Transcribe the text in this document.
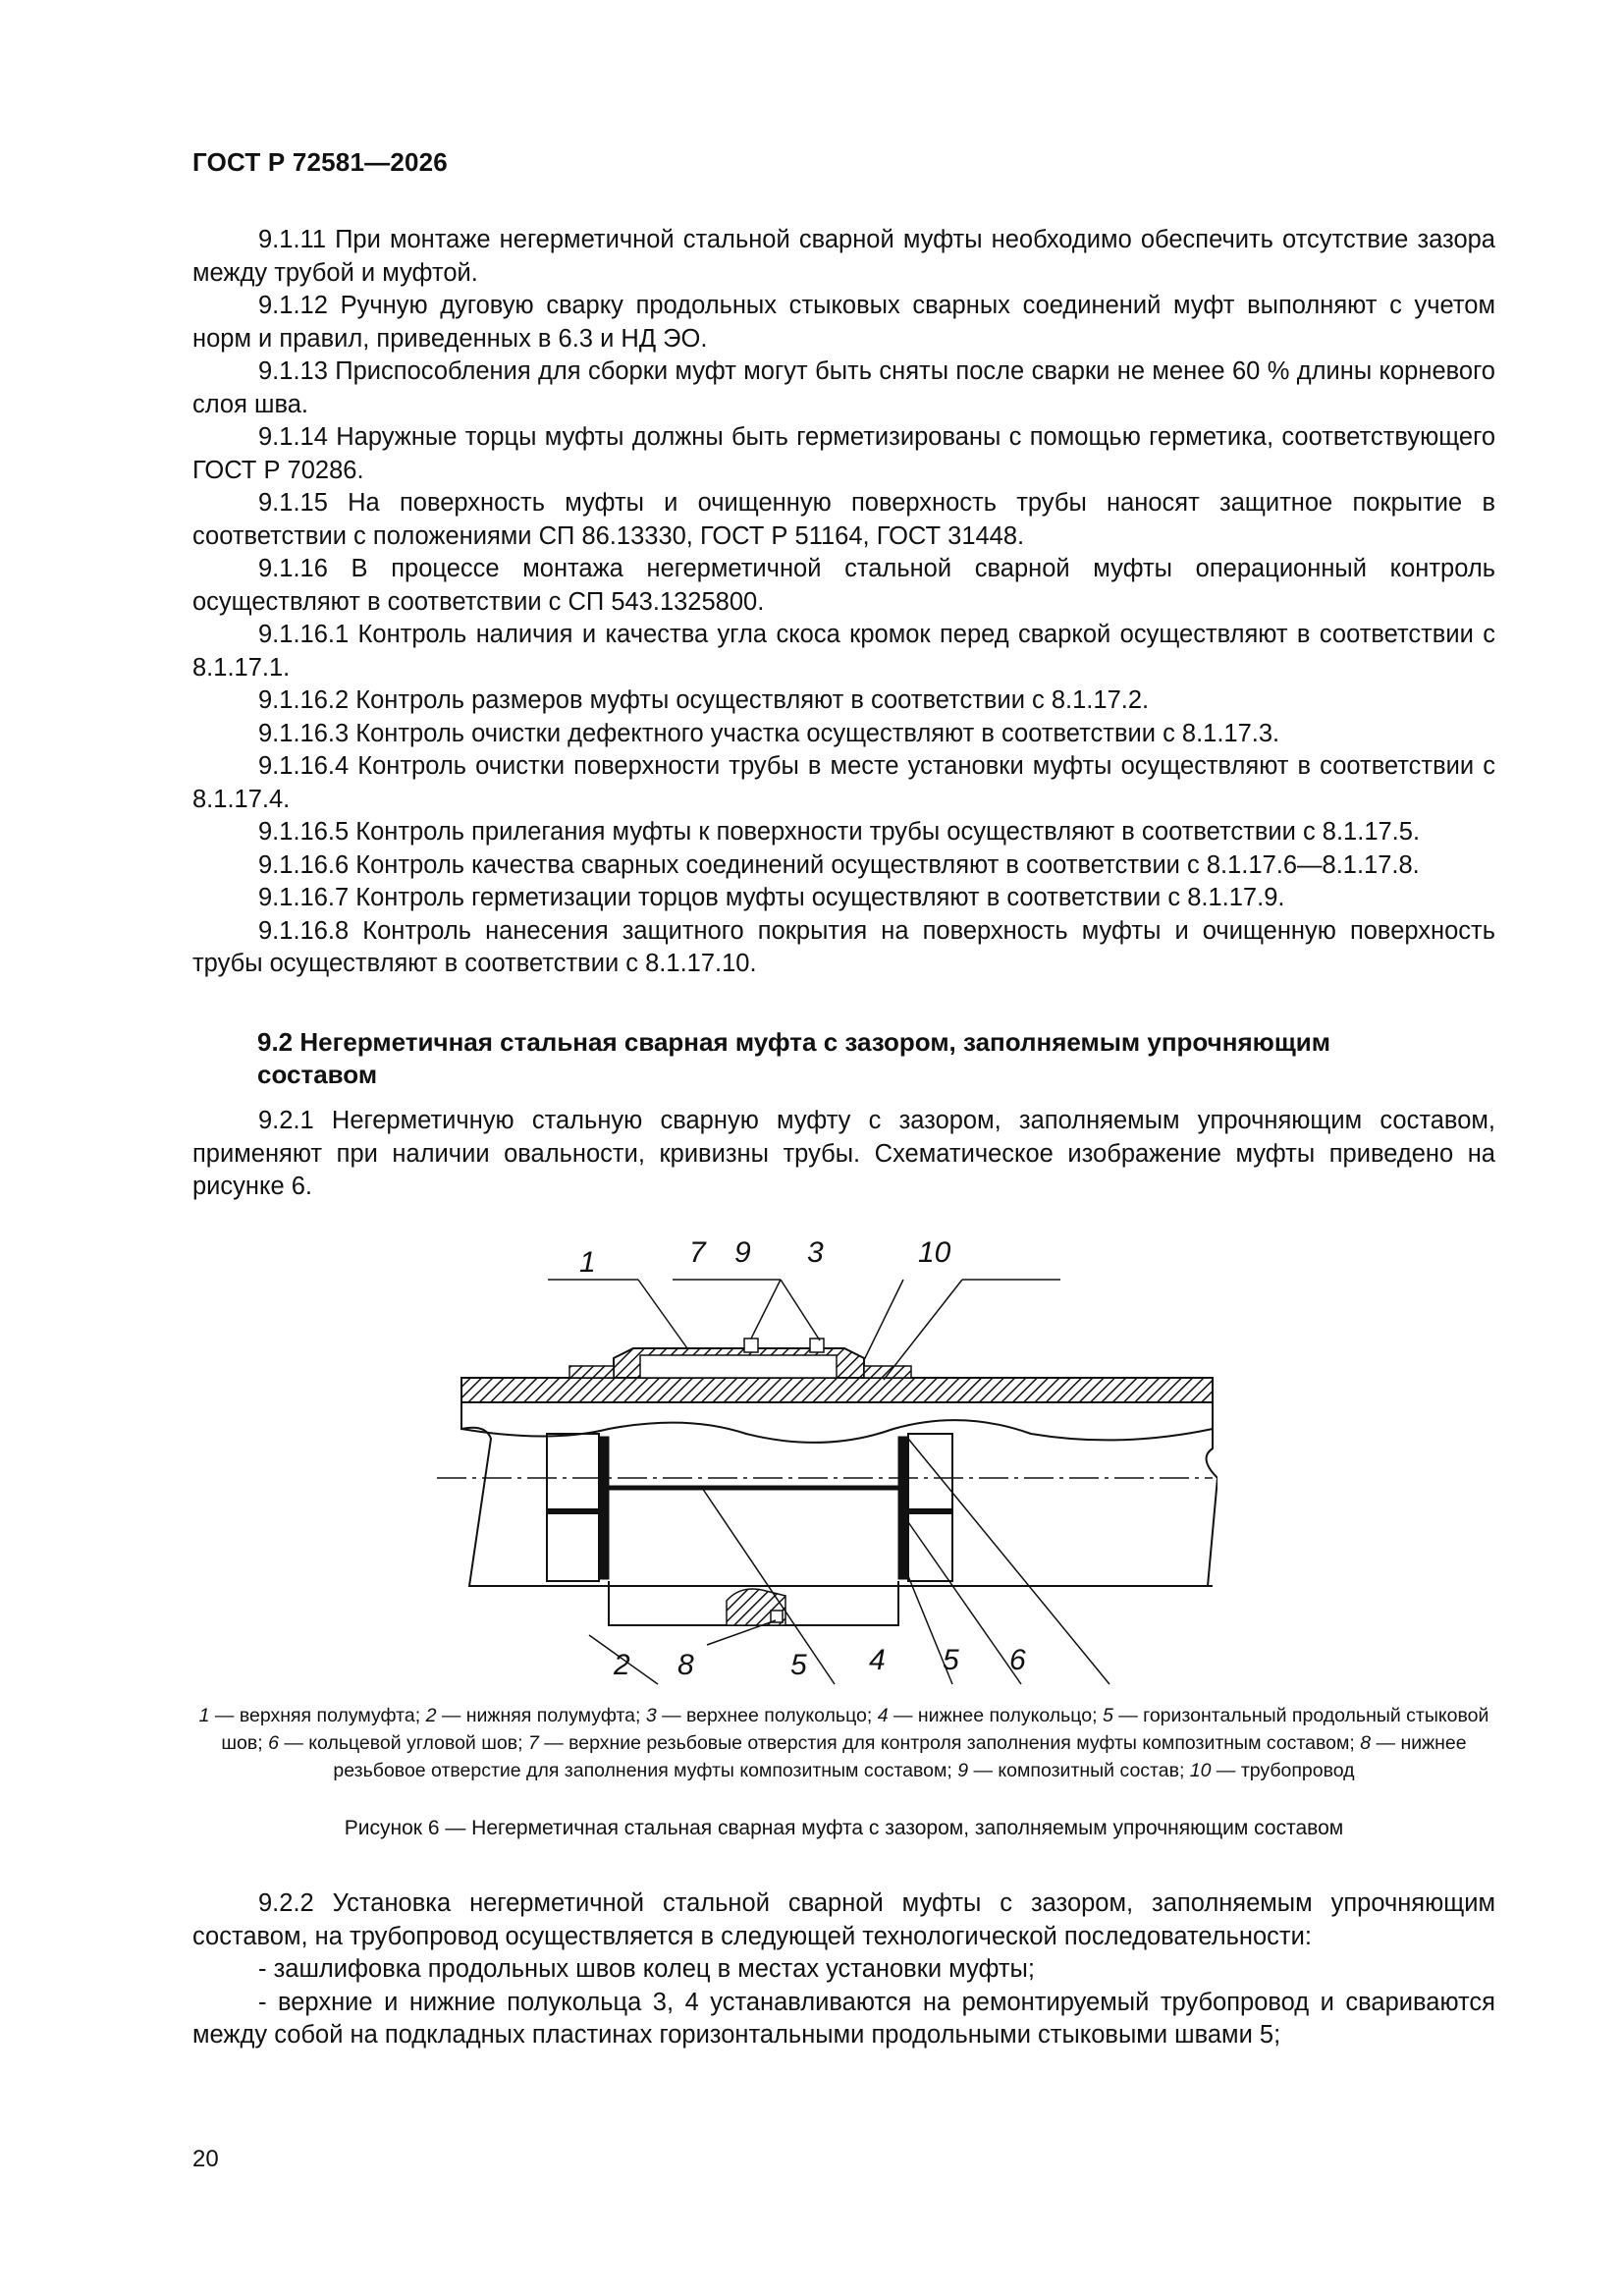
ГОСТ Р 72581—2026

9.1.11 При монтаже негерметичной стальной сварной муфты необходимо обеспечить отсутствие зазора между трубой и муфтой.

9.1.12 Ручную дуговую сварку продольных стыковых сварных соединений муфт выполняют с учетом норм и правил, приведенных в 6.3 и НД ЭО.

9.1.13 Приспособления для сборки муфт могут быть сняты после сварки не менее 60 % длины корневого слоя шва.

9.1.14 Наружные торцы муфты должны быть герметизированы с помощью герметика, соответствующего ГОСТ Р 70286.

9.1.15 На поверхность муфты и очищенную поверхность трубы наносят защитное покрытие в соответствии с положениями СП 86.13330, ГОСТ Р 51164, ГОСТ 31448.

9.1.16 В процессе монтажа негерметичной стальной сварной муфты операционный контроль осуществляют в соответствии с СП 543.1325800.

9.1.16.1 Контроль наличия и качества угла скоса кромок перед сваркой осуществляют в соответствии с 8.1.17.1.

9.1.16.2 Контроль размеров муфты осуществляют в соответствии с 8.1.17.2.

9.1.16.3 Контроль очистки дефектного участка осуществляют в соответствии с 8.1.17.3.

9.1.16.4 Контроль очистки поверхности трубы в месте установки муфты осуществляют в соответствии с 8.1.17.4.

9.1.16.5 Контроль прилегания муфты к поверхности трубы осуществляют в соответствии с 8.1.17.5.

9.1.16.6 Контроль качества сварных соединений осуществляют в соответствии с 8.1.17.6—8.1.17.8.

9.1.16.7 Контроль герметизации торцов муфты осуществляют в соответствии с 8.1.17.9.

9.1.16.8 Контроль нанесения защитного покрытия на поверхность муфты и очищенную поверхность трубы осуществляют в соответствии с 8.1.17.10.

9.2 Негерметичная стальная сварная муфта с зазором, заполняемым упрочняющим составом

9.2.1 Негерметичную стальную сварную муфту с зазором, заполняемым упрочняющим составом, применяют при наличии овальности, кривизны трубы. Схематическое изображение муфты приведено на рисунке 6.

1	7 9 3	10
2 8	5 4 5 6
1 — верхняя полумуфта; 2 — нижняя полумуфта; 3 — верхнее полукольцо; 4 — нижнее полукольцо; 5 — горизонтальный продольный стыковой шов; 6 — кольцевой угловой шов; 7 — верхние резьбовые отверстия для контроля заполнения муфты композитным составом; 8 — нижнее резьбовое отверстие для заполнения муфты композитным составом; 9 — композитный состав; 10 — трубопровод
Рисунок 6 — Негерметичная стальная сварная муфта с зазором, заполняемым упрочняющим составом

9.2.2 Установка негерметичной стальной сварной муфты с зазором, заполняемым упрочняющим составом, на трубопровод осуществляется в следующей технологической последовательности:

- зашлифовка продольных швов колец в местах установки муфты;

- верхние и нижние полукольца 3, 4 устанавливаются на ремонтируемый трубопровод и свариваются между собой на подкладных пластинах горизонтальными продольными стыковыми швами 5;

20
